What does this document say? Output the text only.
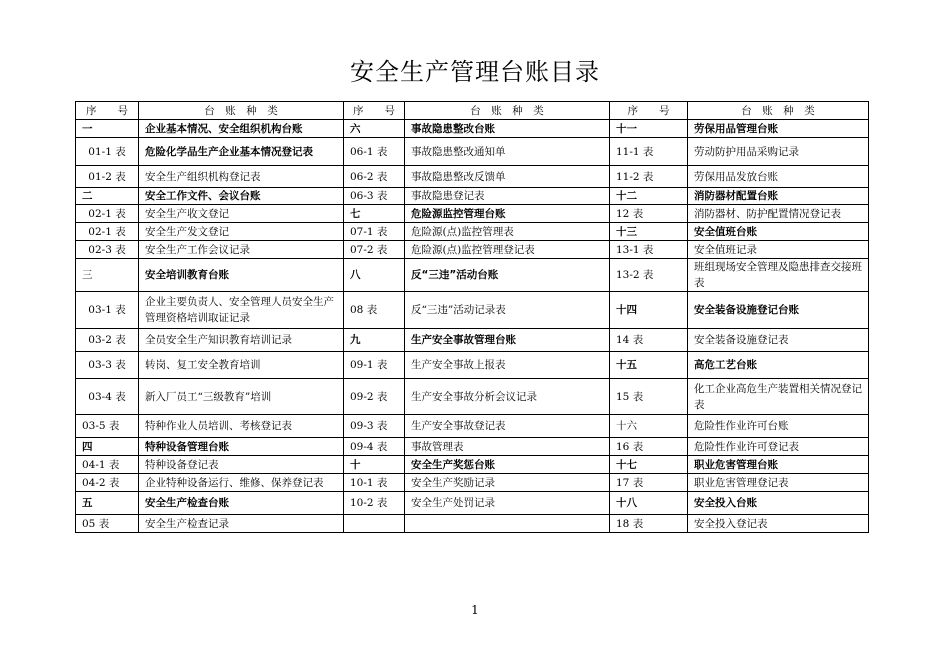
安全生产管理台账目录
序　　号	台　账　种　类	序　　号	台　账　种　类	序　　号	台　账　种　类
一	企业基本情况、安全组织机构台账	六	事故隐患整改台账	十一	劳保用品管理台账
01-1 表	危险化学品生产企业基本情况登记表	06-1 表	事故隐患整改通知单	11-1 表	劳动防护用品采购记录
01-2 表	安全生产组织机构登记表	06-2 表	事故隐患整改反馈单	11-2 表	劳保用品发放台账
二	安全工作文件、会议台账	06-3 表	事故隐患登记表	十二	消防器材配置台账
02-1 表	安全生产收文登记	七	危险源监控管理台账	12 表	消防器材、防护配置情况登记表
02-1 表	安全生产发文登记	07-1 表	危险源(点)监控管理表	十三	安全值班台账
02-3 表	安全生产工作会议记录	07-2 表	危险源(点)监控管理登记表	13-1 表	安全值班记录
三	安全培训教育台账	八	反“三违”活动台账	13-2 表	班组现场安全管理及隐患排查交接班表
03-1 表	企业主要负责人、安全管理人员安全生产管理资格培训取证记录	08 表	反“三违”活动记录表	十四	安全装备设施登记台账
03-2 表	全员安全生产知识教育培训记录	九	生产安全事故管理台账	14 表	安全装备设施登记表
03-3 表	转岗、复工安全教育培训	09-1 表	生产安全事故上报表	十五	高危工艺台账
03-4 表	新入厂员工“三级教育”培训	09-2 表	生产安全事故分析会议记录	15 表	化工企业高危生产装置相关情况登记表
03-5 表	特种作业人员培训、考核登记表	09-3 表	生产安全事故登记表	十六	危险性作业许可台账
四	特种设备管理台账	09-4 表	事故管理表	16 表	危险性作业许可登记表
04-1 表	特种设备登记表	十	安全生产奖惩台账	十七	职业危害管理台账
04-2 表	企业特种设备运行、维修、保养登记表	10-1 表	安全生产奖励记录	17 表	职业危害管理登记表
五	安全生产检查台账	10-2 表	安全生产处罚记录	十八	安全投入台账
05 表	安全生产检查记录			18 表	安全投入登记表
1
